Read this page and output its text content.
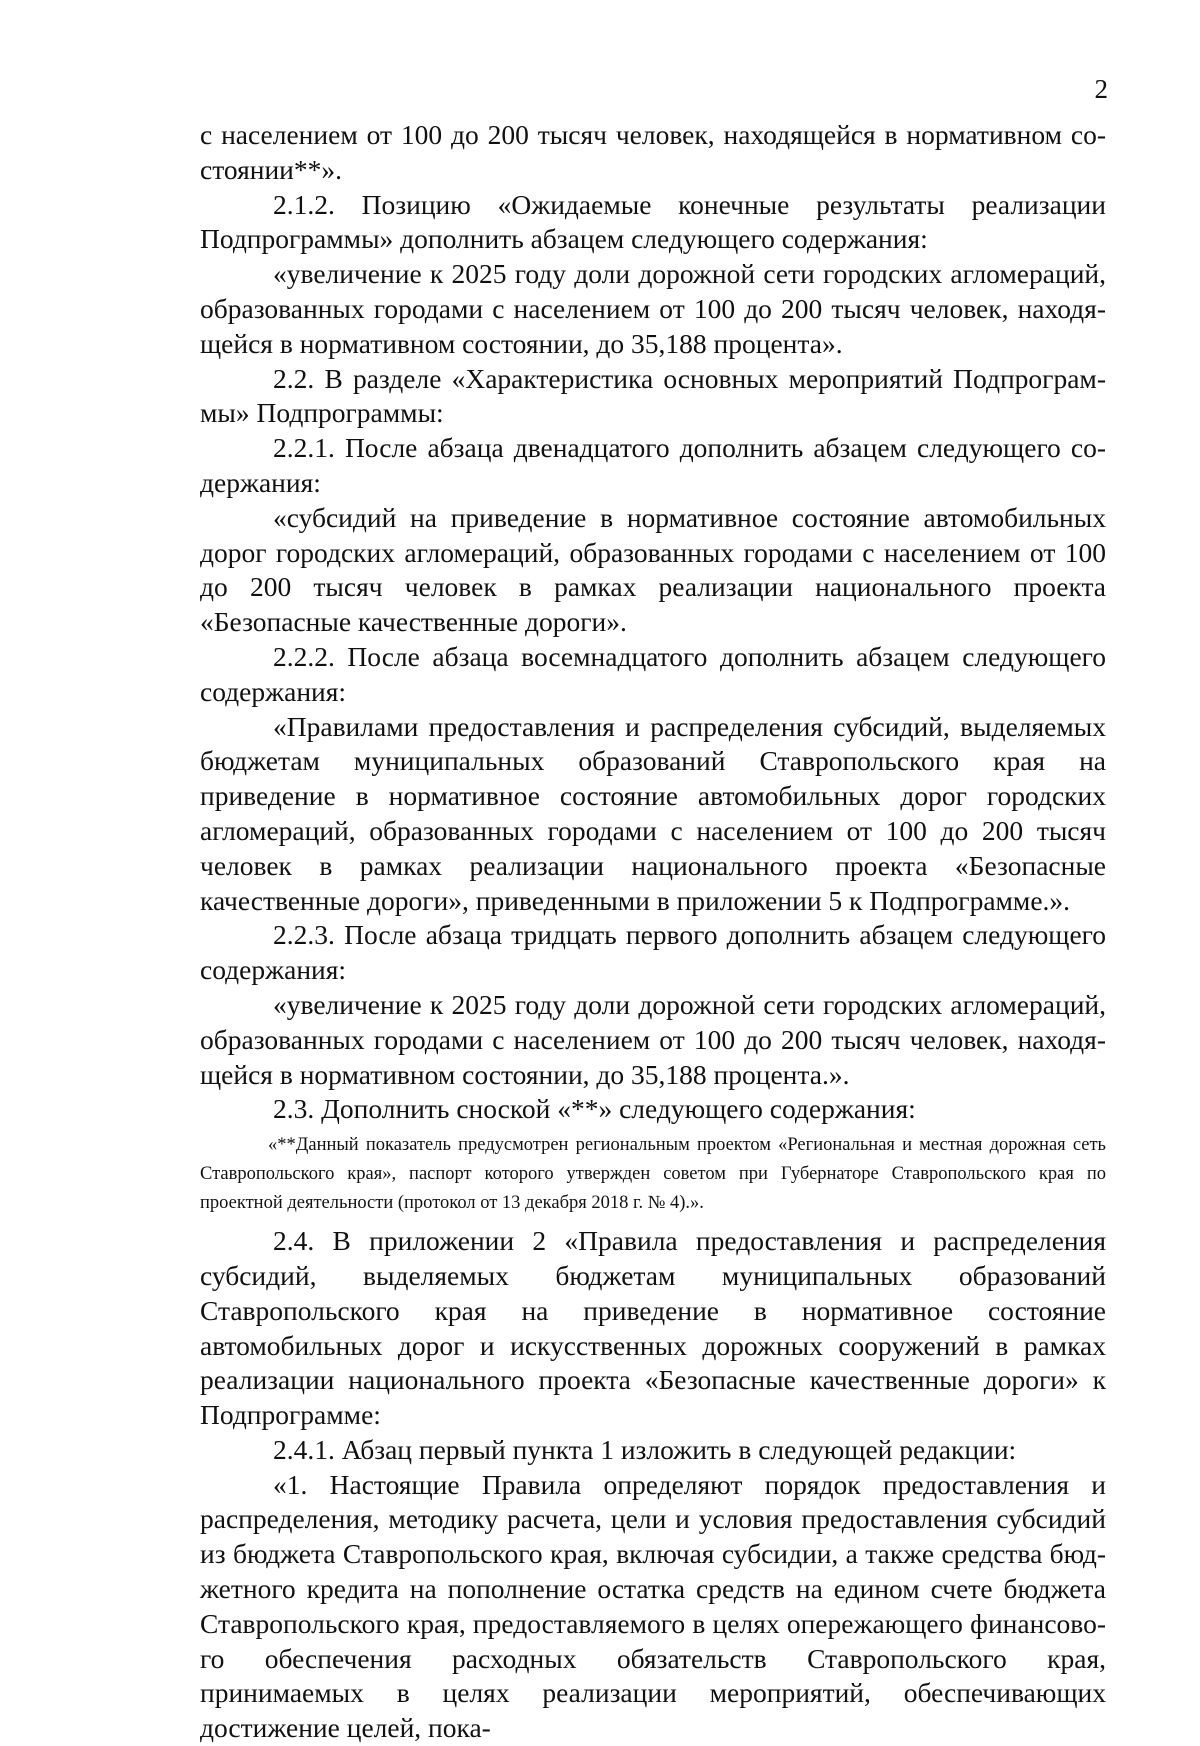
2

с населением от 100 до 200 тысяч человек, находящейся в нормативном состоянии**».

2.1.2. Позицию «Ожидаемые конечные результаты реализации Подпрограммы» дополнить абзацем следующего содержания:

«увеличение к 2025 году доли дорожной сети городских агломераций, образованных городами с населением от 100 до 200 тысяч человек, находящейся в нормативном состоянии, до 35,188 процента».

2.2. В разделе «Характеристика основных мероприятий Подпрограммы» Подпрограммы:

2.2.1. После абзаца двенадцатого дополнить абзацем следующего содержания:

«субсидий на приведение в нормативное состояние автомобильных дорог городских агломераций, образованных городами с населением от 100 до 200 тысяч человек в рамках реализации национального проекта «Безопасные качественные дороги».

2.2.2. После абзаца восемнадцатого дополнить абзацем следующего содержания:

«Правилами предоставления и распределения субсидий, выделяемых бюджетам муниципальных образований Ставропольского края на приведение в нормативное состояние автомобильных дорог городских агломераций, образованных городами с населением от 100 до 200 тысяч человек в рамках реализации национального проекта «Безопасные качественные дороги», приведенными в приложении 5 к Подпрограмме.».

2.2.3. После абзаца тридцать первого дополнить абзацем следующего содержания:

«увеличение к 2025 году доли дорожной сети городских агломераций, образованных городами с населением от 100 до 200 тысяч человек, находящейся в нормативном состоянии, до 35,188 процента.».

2.3. Дополнить сноской «**» следующего содержания:

«**Данный показатель предусмотрен региональным проектом «Региональная и местная дорожная сеть Ставропольского края», паспорт которого утвержден советом при Губернаторе Ставропольского края по проектной деятельности (протокол от 13 декабря 2018 г. № 4).».

2.4. В приложении 2 «Правила предоставления и распределения субсидий, выделяемых бюджетам муниципальных образований Ставропольского края на приведение в нормативное состояние автомобильных дорог и искусственных дорожных сооружений в рамках реализации национального проекта «Безопасные качественные дороги» к Подпрограмме:

2.4.1. Абзац первый пункта 1 изложить в следующей редакции:

«1. Настоящие Правила определяют порядок предоставления и распределения, методику расчета, цели и условия предоставления субсидий из бюджета Ставропольского края, включая субсидии, а также средства бюджетного кредита на пополнение остатка средств на едином счете бюджета Ставропольского края, предоставляемого в целях опережающего финансового обеспечения расходных обязательств Ставропольского края, принимаемых в целях реализации мероприятий, обеспечивающих достижение целей, пока-
